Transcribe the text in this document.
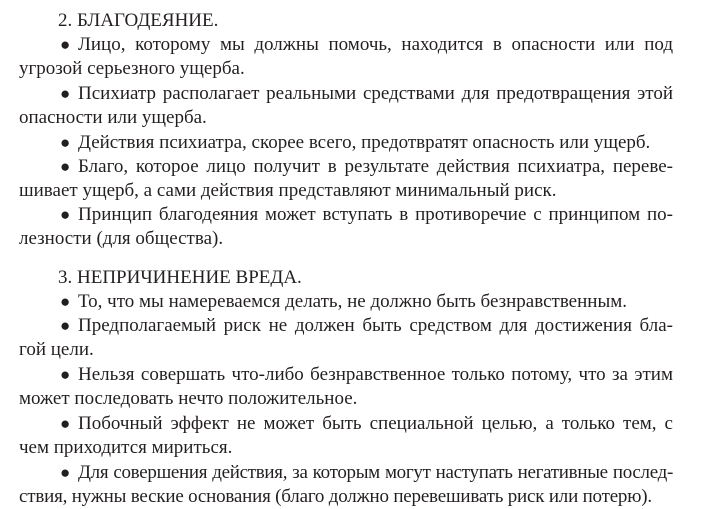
2. БЛАГОДЕЯНИЕ.
● Лицо, которому мы должны помочь, находится в опасности или под
угрозой серьезного ущерба.
● Психиатр располагает реальными средствами для предотвращения этой
опасности или ущерба.
● Действия психиатра, скорее всего, предотвратят опасность или ущерб.
● Благо, которое лицо получит в результате действия психиатра, переве-
шивает ущерб, а сами действия представляют минимальный риск.
● Принцип благодеяния может вступать в противоречие с принципом по-
лезности (для общества).
3. НЕПРИЧИНЕНИЕ ВРЕДА.
● То, что мы намереваемся делать, не должно быть безнравственным.
● Предполагаемый риск не должен быть средством для достижения бла-
гой цели.
● Нельзя совершать что-либо безнравственное только потому, что за этим
может последовать нечто положительное.
● Побочный эффект не может быть специальной целью, а только тем, с
чем приходится мириться.
● Для совершения действия, за которым могут наступать негативные послед-
ствия, нужны веские основания (благо должно перевешивать риск или потерю).
